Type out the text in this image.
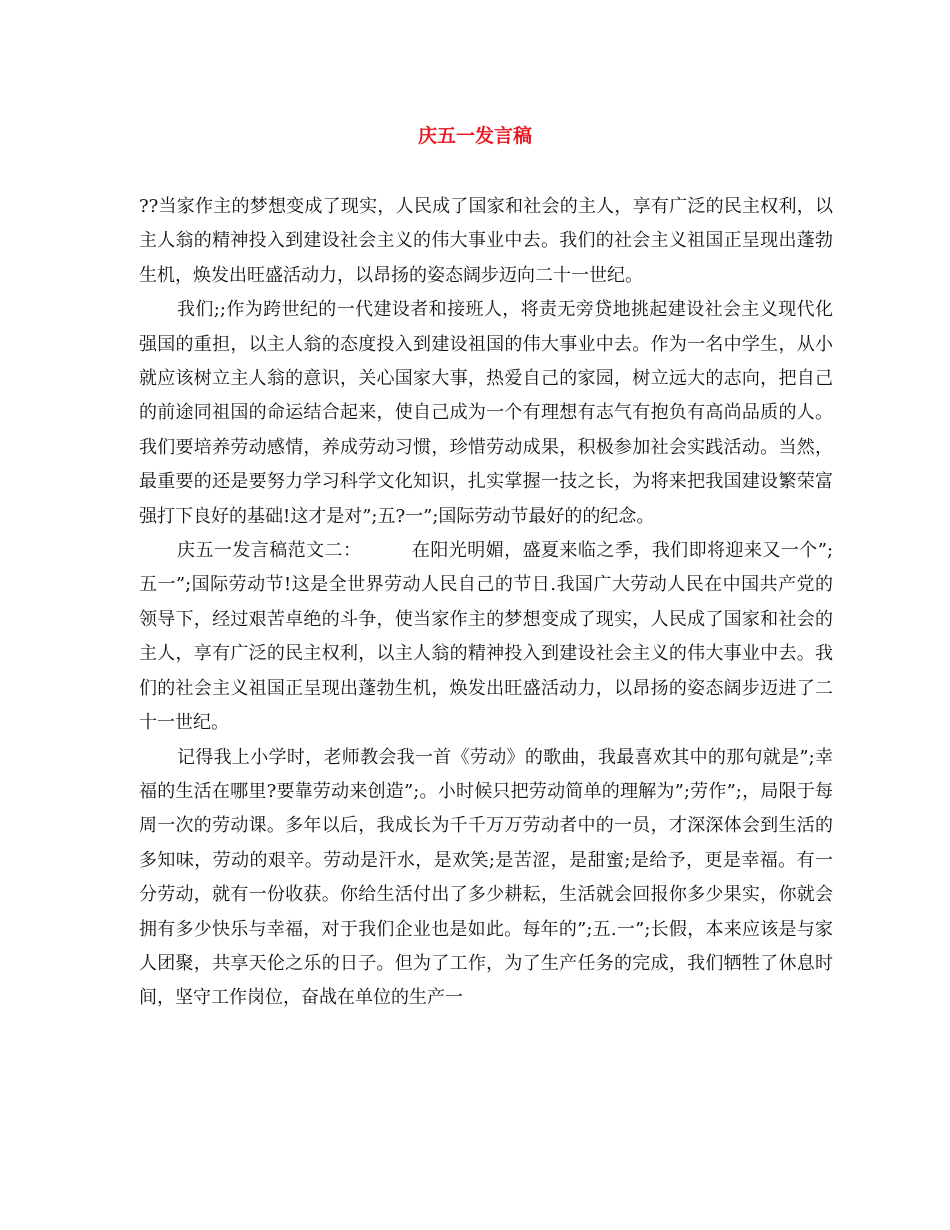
庆五一发言稿

??当家作主的梦想变成了现实，人民成了国家和社会的主人，享有广泛的民主权利，以主人翁的精神投入到建设社会主义的伟大事业中去。我们的社会主义祖国正呈现出蓬勃生机，焕发出旺盛活动力，以昂扬的姿态阔步迈向二十一世纪。

我们;;作为跨世纪的一代建设者和接班人，将责无旁贷地挑起建设社会主义现代化强国的重担，以主人翁的态度投入到建设祖国的伟大事业中去。作为一名中学生，从小就应该树立主人翁的意识，关心国家大事，热爱自己的家园，树立远大的志向，把自己的前途同祖国的命运结合起来，使自己成为一个有理想有志气有抱负有高尚品质的人。我们要培养劳动感情，养成劳动习惯，珍惜劳动成果，积极参加社会实践活动。当然，最重要的还是要努力学习科学文化知识，扎实掌握一技之长，为将来把我国建设繁荣富强打下良好的基础!这才是对”;五?一”;国际劳动节最好的的纪念。

庆五一发言稿范文二：	在阳光明媚，盛夏来临之季，我们即将迎来又一个”;五一”;国际劳动节!这是全世界劳动人民自己的节日.我国广大劳动人民在中国共产党的领导下，经过艰苦卓绝的斗争，使当家作主的梦想变成了现实，人民成了国家和社会的主人，享有广泛的民主权利，以主人翁的精神投入到建设社会主义的伟大事业中去。我们的社会主义祖国正呈现出蓬勃生机，焕发出旺盛活动力，以昂扬的姿态阔步迈进了二十一世纪。

记得我上小学时，老师教会我一首《劳动》的歌曲，我最喜欢其中的那句就是”;幸福的生活在哪里?要靠劳动来创造”;。小时候只把劳动简单的理解为”;劳作”;，局限于每周一次的劳动课。多年以后，我成长为千千万万劳动者中的一员，才深深体会到生活的多知味，劳动的艰辛。劳动是汗水，是欢笑;是苦涩，是甜蜜;是给予，更是幸福。有一分劳动，就有一份收获。你给生活付出了多少耕耘，生活就会回报你多少果实，你就会拥有多少快乐与幸福，对于我们企业也是如此。每年的”;五.一”;长假，本来应该是与家人团聚，共享天伦之乐的日子。但为了工作，为了生产任务的完成，我们牺牲了休息时间，坚守工作岗位，奋战在单位的生产一
